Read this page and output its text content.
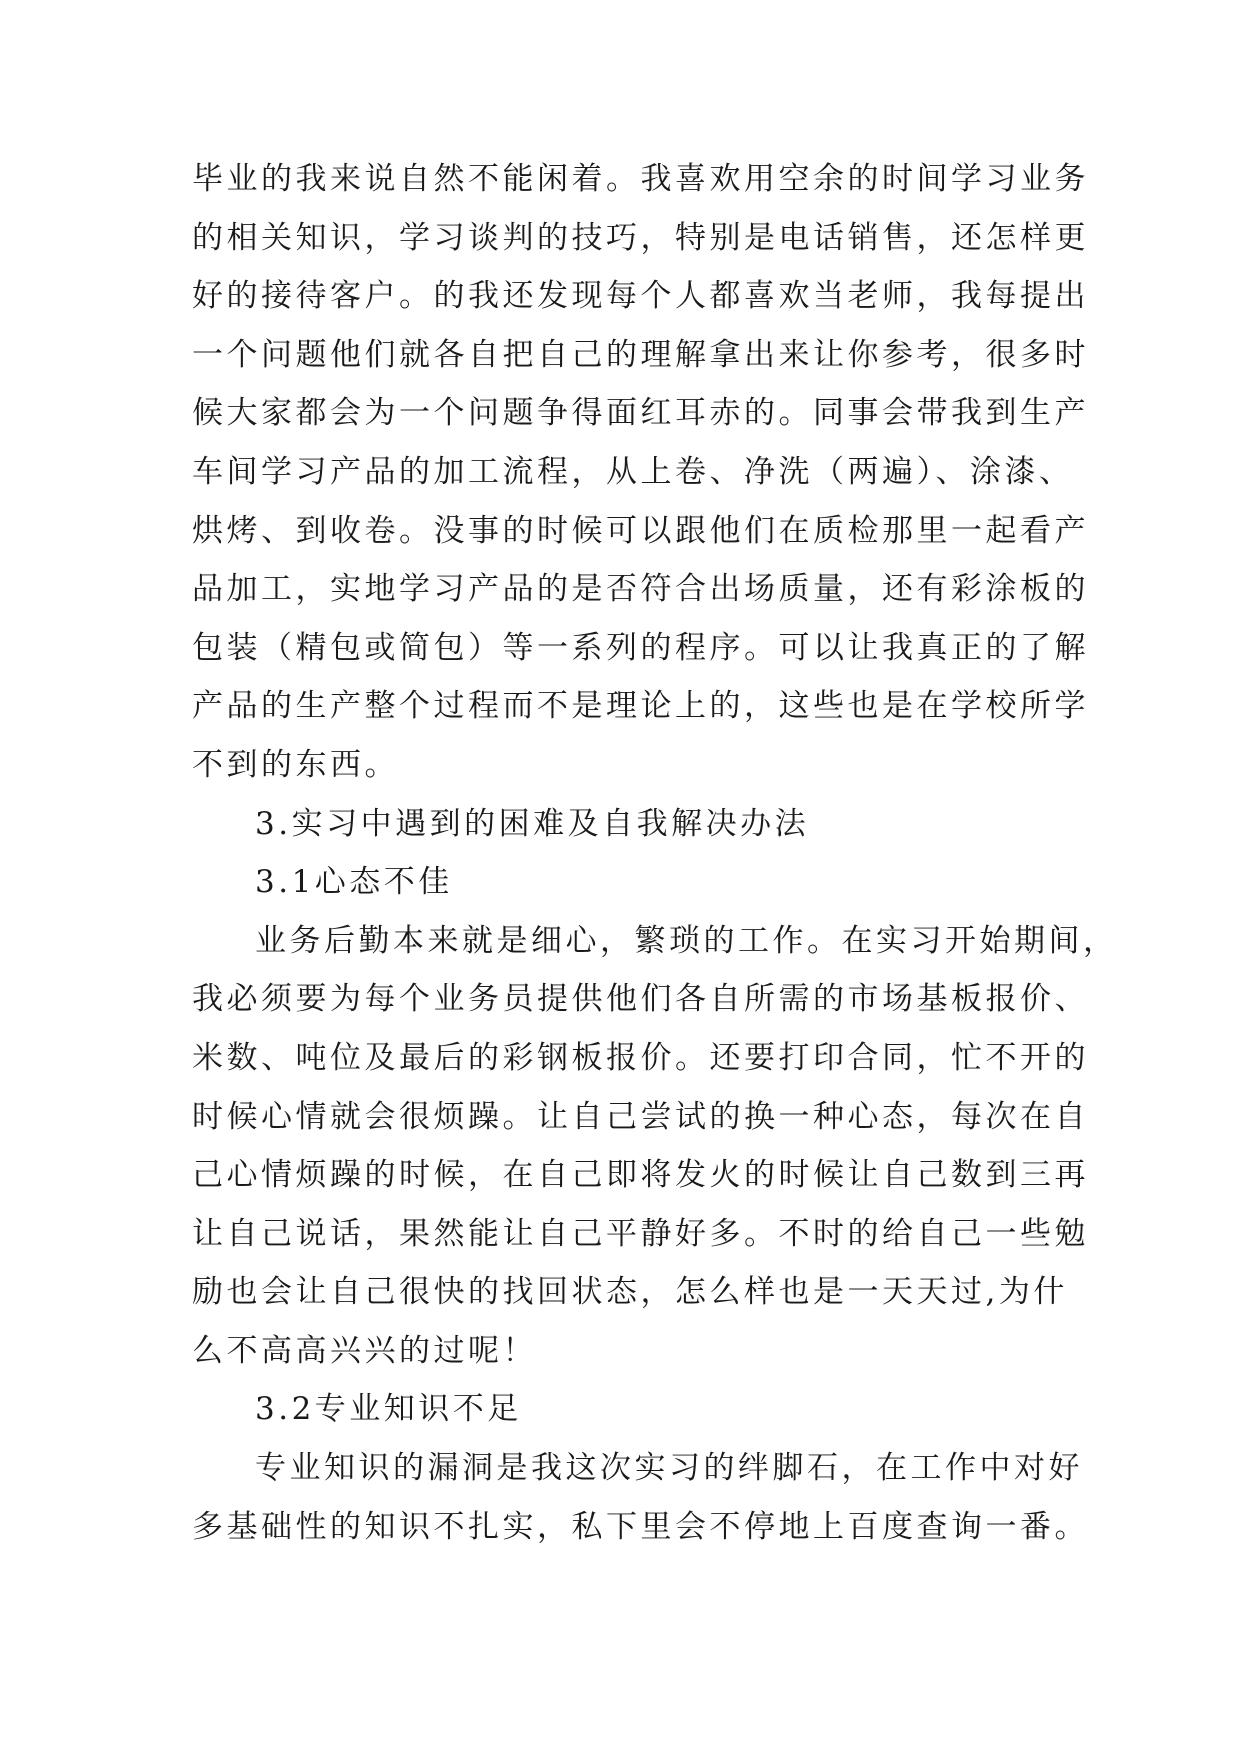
毕业的我来说自然不能闲着。我喜欢用空余的时间学习业务
的相关知识，学习谈判的技巧，特别是电话销售，还怎样更
好的接待客户。的我还发现每个人都喜欢当老师，我每提出
一个问题他们就各自把自己的理解拿出来让你参考，很多时
候大家都会为一个问题争得面红耳赤的。同事会带我到生产
车间学习产品的加工流程，从上卷、净洗（两遍）、涂漆、
烘烤、到收卷。没事的时候可以跟他们在质检那里一起看产
品加工，实地学习产品的是否符合出场质量，还有彩涂板的
包装（精包或简包）等一系列的程序。可以让我真正的了解
产品的生产整个过程而不是理论上的，这些也是在学校所学
不到的东西。
3.实习中遇到的困难及自我解决办法
3.1心态不佳
业务后勤本来就是细心，繁琐的工作。在实习开始期间，
我必须要为每个业务员提供他们各自所需的市场基板报价、
米数、吨位及最后的彩钢板报价。还要打印合同，忙不开的
时候心情就会很烦躁。让自己尝试的换一种心态，每次在自
己心情烦躁的时候，在自己即将发火的时候让自己数到三再
让自己说话，果然能让自己平静好多。不时的给自己一些勉
励也会让自己很快的找回状态，怎么样也是一天天过,为什
么不高高兴兴的过呢！
3.2专业知识不足
专业知识的漏洞是我这次实习的绊脚石，在工作中对好
多基础性的知识不扎实，私下里会不停地上百度查询一番。
